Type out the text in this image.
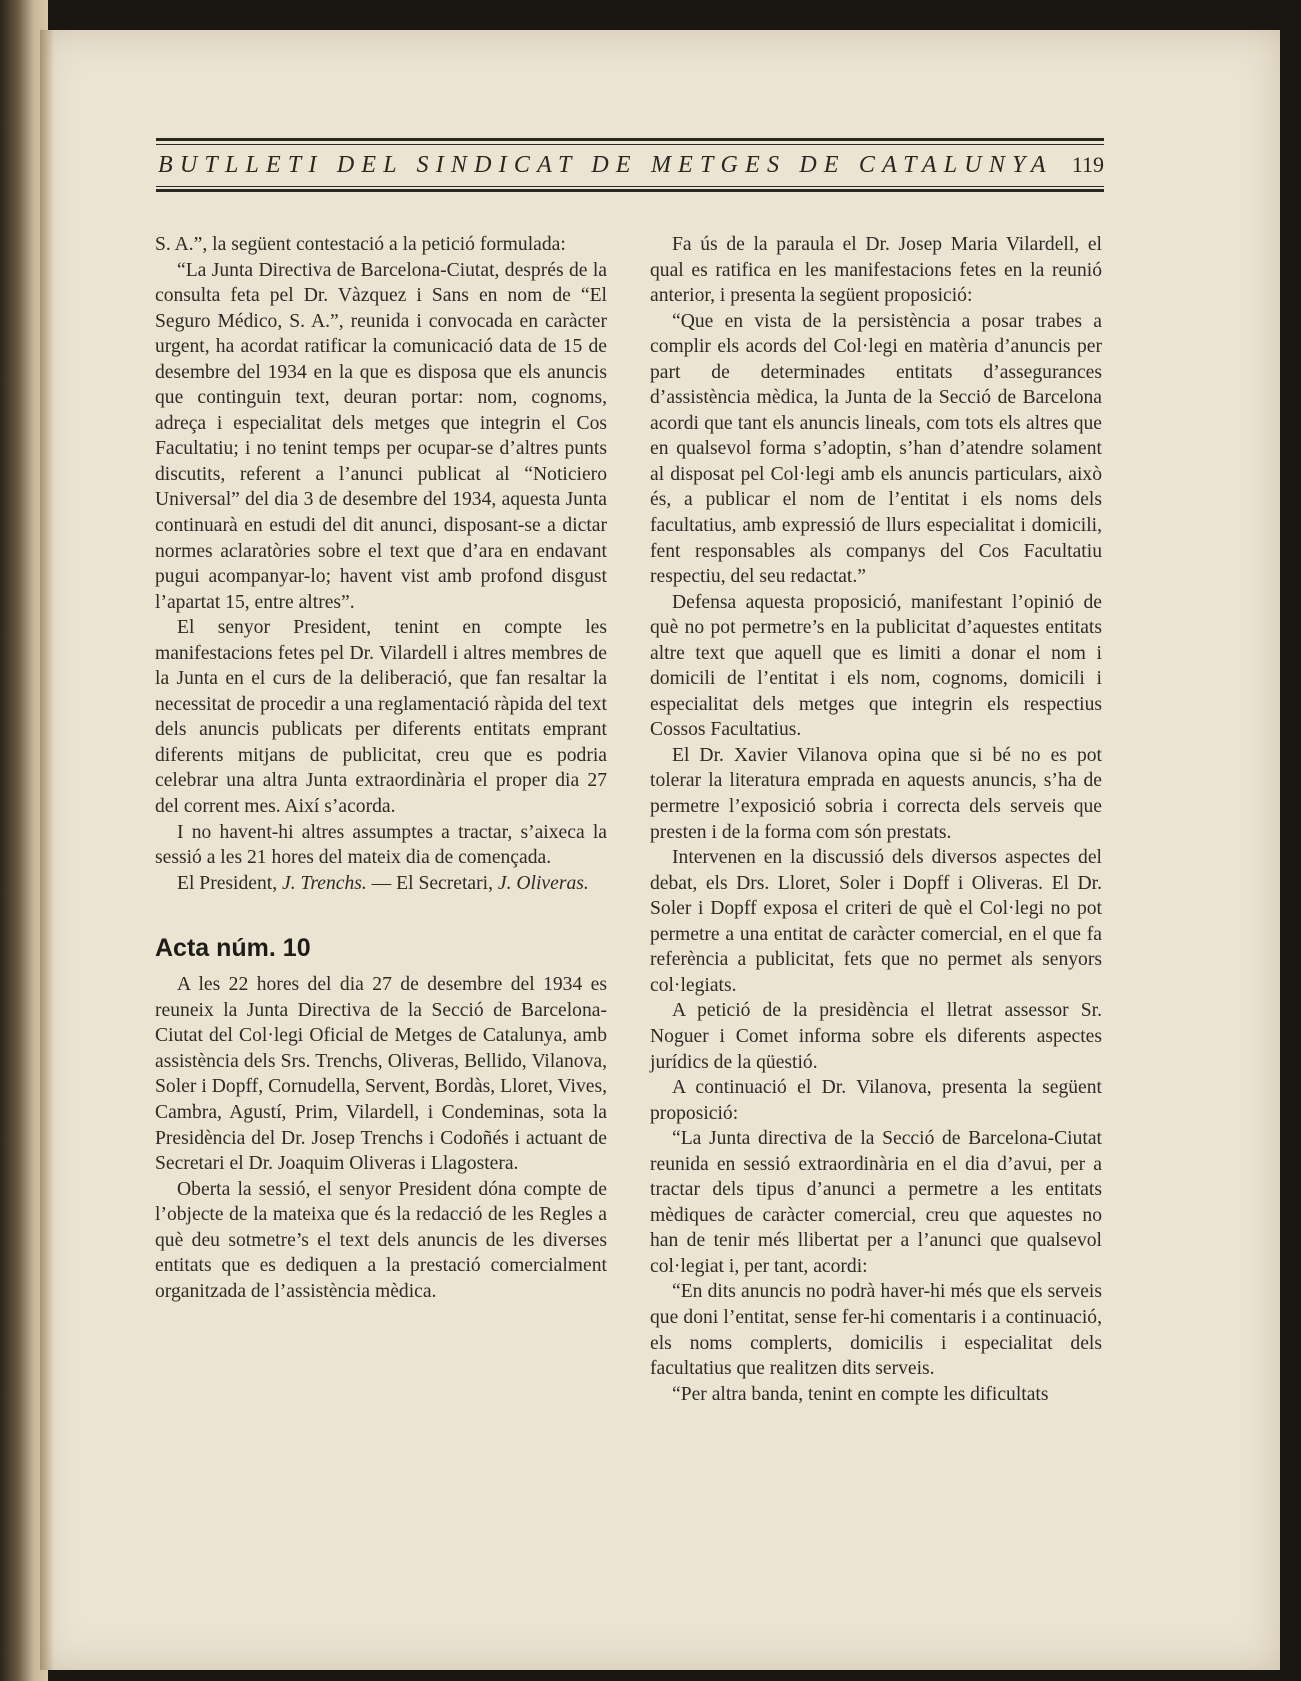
BUTLLETI DEL SINDICAT DE METGES DE CATALUNYA 119

S. A.”, la següent contestació a la petició formulada:

“La Junta Directiva de Barcelona-Ciutat, després de la consulta feta pel Dr. Vàzquez i Sans en nom de “El Seguro Médico, S. A.”, reunida i convocada en caràcter urgent, ha acordat ratificar la comunicació data de 15 de desembre del 1934 en la que es disposa que els anuncis que continguin text, deuran portar: nom, cognoms, adreça i especialitat dels metges que integrin el Cos Facultatiu; i no tenint temps per ocupar-se d’altres punts discutits, referent a l’anunci publicat al “Noticiero Universal” del dia 3 de desembre del 1934, aquesta Junta continuarà en estudi del dit anunci, disposant-se a dictar normes aclaratòries sobre el text que d’ara en endavant pugui acompanyar-lo; havent vist amb profond disgust l’apartat 15, entre altres”.

El senyor President, tenint en compte les manifestacions fetes pel Dr. Vilardell i altres membres de la Junta en el curs de la deliberació, que fan resaltar la necessitat de procedir a una reglamentació ràpida del text dels anuncis publicats per diferents entitats emprant diferents mitjans de publicitat, creu que es podria celebrar una altra Junta extraordinària el proper dia 27 del corrent mes. Així s’acorda.

I no havent-hi altres assumptes a tractar, s’aixeca la sessió a les 21 hores del mateix dia de començada.

El President, J. Trenchs. — El Secretari, J. Oliveras.

Acta núm. 10

A les 22 hores del dia 27 de desembre del 1934 es reuneix la Junta Directiva de la Secció de Barcelona-Ciutat del Col·legi Oficial de Metges de Catalunya, amb assistència dels Srs. Trenchs, Oliveras, Bellido, Vilanova, Soler i Dopff, Cornudella, Servent, Bordàs, Lloret, Vives, Cambra, Agustí, Prim, Vilardell, i Condeminas, sota la Presidència del Dr. Josep Trenchs i Codoñés i actuant de Secretari el Dr. Joaquim Oliveras i Llagostera.

Oberta la sessió, el senyor President dóna compte de l’objecte de la mateixa que és la redacció de les Regles a què deu sotmetre’s el text dels anuncis de les diverses entitats que es dediquen a la prestació comercialment organitzada de l’assistència mèdica.

Fa ús de la paraula el Dr. Josep Maria Vilardell, el qual es ratifica en les manifestacions fetes en la reunió anterior, i presenta la següent proposició:

“Que en vista de la persistència a posar trabes a complir els acords del Col·legi en matèria d’anuncis per part de determinades entitats d’assegurances d’assistència mèdica, la Junta de la Secció de Barcelona acordi que tant els anuncis lineals, com tots els altres que en qualsevol forma s’adoptin, s’han d’atendre solament al disposat pel Col·legi amb els anuncis particulars, això és, a publicar el nom de l’entitat i els noms dels facultatius, amb expressió de llurs especialitat i domicili, fent responsables als companys del Cos Facultatiu respectiu, del seu redactat.”

Defensa aquesta proposició, manifestant l’opinió de què no pot permetre’s en la publicitat d’aquestes entitats altre text que aquell que es limiti a donar el nom i domicili de l’entitat i els nom, cognoms, domicili i especialitat dels metges que integrin els respectius Cossos Facultatius.

El Dr. Xavier Vilanova opina que si bé no es pot tolerar la literatura emprada en aquests anuncis, s’ha de permetre l’exposició sobria i correcta dels serveis que presten i de la forma com són prestats.

Intervenen en la discussió dels diversos aspectes del debat, els Drs. Lloret, Soler i Dopff i Oliveras. El Dr. Soler i Dopff exposa el criteri de què el Col·legi no pot permetre a una entitat de caràcter comercial, en el que fa referència a publicitat, fets que no permet als senyors col·legiats.

A petició de la presidència el lletrat assessor Sr. Noguer i Comet informa sobre els diferents aspectes jurídics de la qüestió.

A continuació el Dr. Vilanova, presenta la següent proposició:

“La Junta directiva de la Secció de Barcelona-Ciutat reunida en sessió extraordinària en el dia d’avui, per a tractar dels tipus d’anunci a permetre a les entitats mèdiques de caràcter comercial, creu que aquestes no han de tenir més llibertat per a l’anunci que qualsevol col·legiat i, per tant, acordi:

“En dits anuncis no podrà haver-hi més que els serveis que doni l’entitat, sense fer-hi comentaris i a continuació, els noms complerts, domicilis i especialitat dels facultatius que realitzen dits serveis.

“Per altra banda, tenint en compte les dificultats
